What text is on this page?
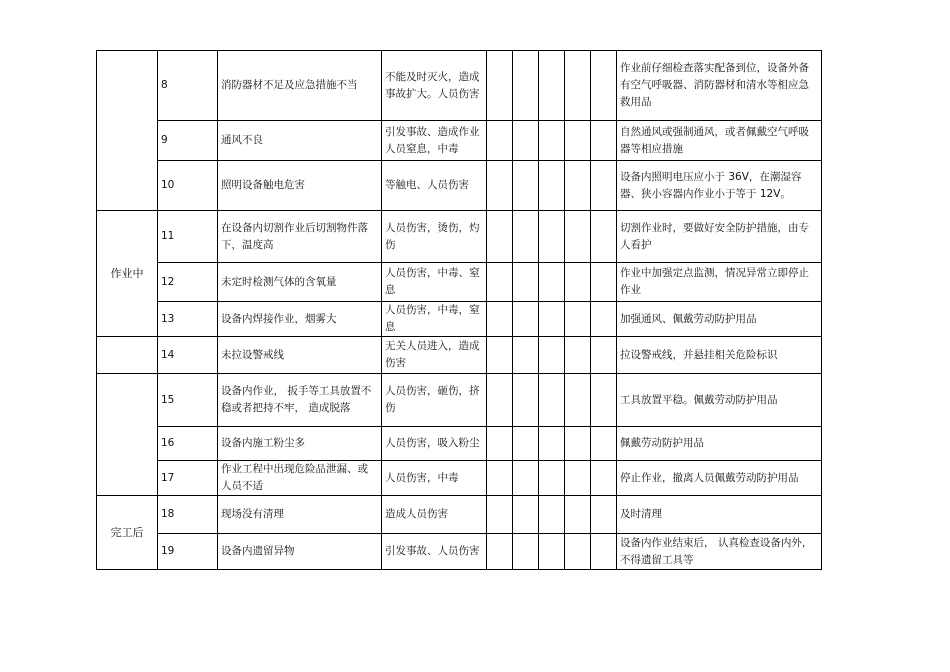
	8	消防器材不足及应急措施不当	不能及时灭火，造成事故扩大。人员伤害						作业前仔细检查落实配备到位，设备外备有空气呼吸器、消防器材和清水等相应急救用品
	9	通风不良	引发事故、造成作业人员窒息，中毒						自然通风或强制通风，或者佩戴空气呼吸器等相应措施
	10	照明设备触电危害	等触电、人员伤害						设备内照明电压应小于 36V，在潮湿容器、狭小容器内作业小于等于 12V。
作业中	11	在设备内切割作业后切割物件落下，温度高	人员伤害，烫伤，灼伤						切割作业时，要做好安全防护措施，由专人看护
	12	未定时检测气体的含氧量	人员伤害，中毒、窒息						作业中加强定点监测，情况异常立即停止作业
	13	设备内焊接作业，烟雾大	人员伤害，中毒，窒息						加强通风、佩戴劳动防护用品
	14	未拉设警戒线	无关人员进入，造成伤害						拉设警戒线，并悬挂相关危险标识
	15	设备内作业， 扳手等工具放置不稳或者把持不牢， 造成脱落	人员伤害，砸伤，挤伤						工具放置平稳。佩戴劳动防护用品
	16	设备内施工粉尘多	人员伤害，吸入粉尘						佩戴劳动防护用品
	17	作业工程中出现危险品泄漏、或人员不适	人员伤害，中毒						停止作业，撤离人员佩戴劳动防护用品
完工后	18	现场没有清理	造成人员伤害						及时清理
	19	设备内遗留异物	引发事故、人员伤害						设备内作业结束后， 认真检查设备内外，不得遗留工具等
